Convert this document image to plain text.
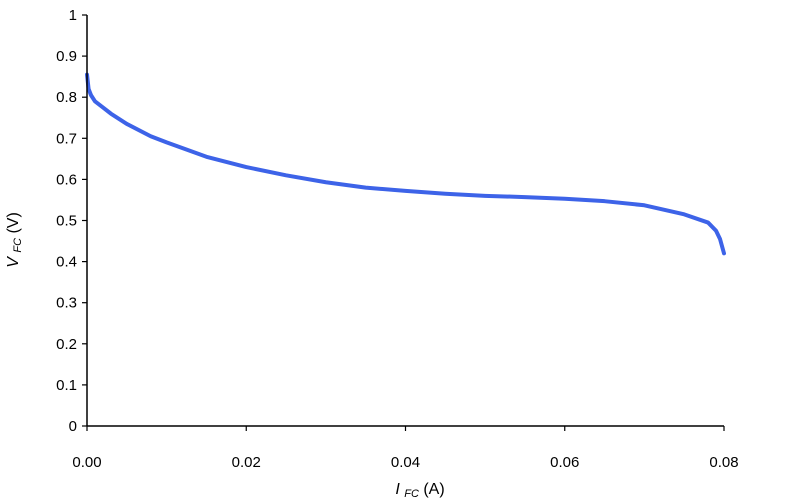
0
0.1
0.2
0.3
0.4
0.5
0.6
0.7
0.8
0.9
1
0.00	0.02	0.04	0.06	0.08
I FC (A)
V FC (V)
